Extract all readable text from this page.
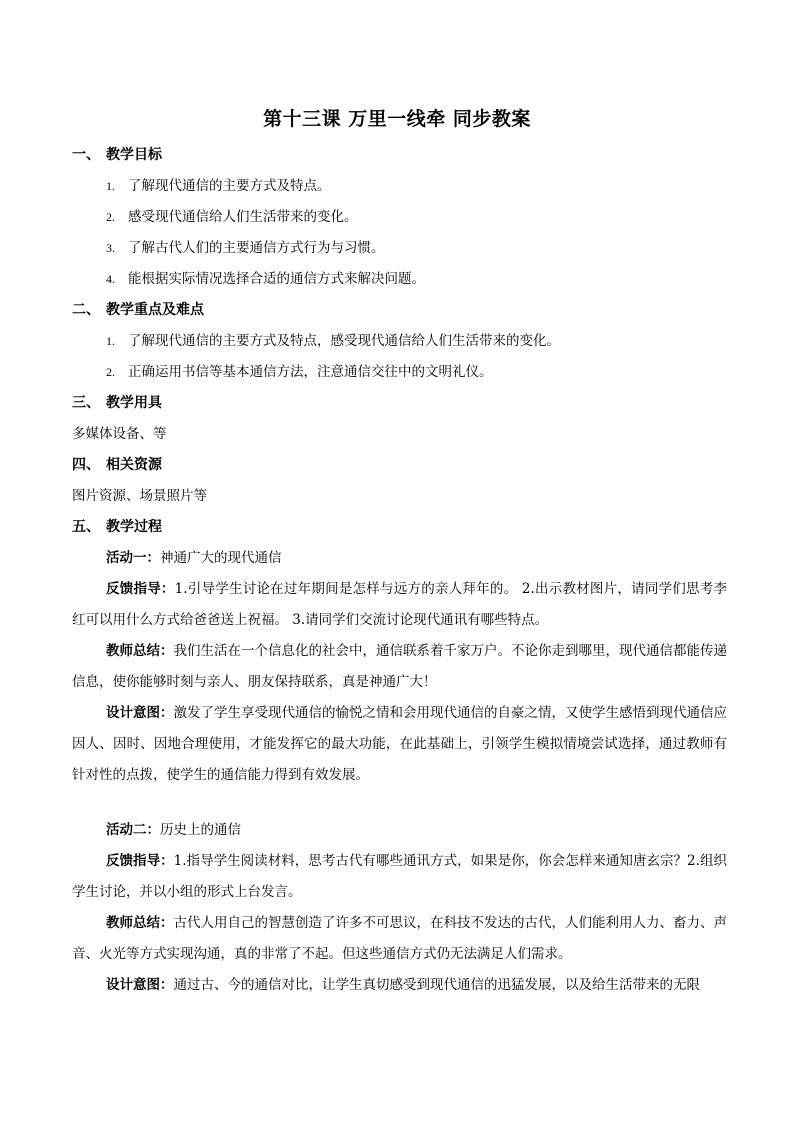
第十三课 万里一线牵 同步教案

一、 教学目标

1. 了解现代通信的主要方式及特点。

2. 感受现代通信给人们生活带来的变化。

3. 了解古代人们的主要通信方式行为与习惯。

4. 能根据实际情况选择合适的通信方式来解决问题。

二、 教学重点及难点

1. 了解现代通信的主要方式及特点，感受现代通信给人们生活带来的变化。

2. 正确运用书信等基本通信方法，注意通信交往中的文明礼仪。

三、 教学用具

多媒体设备、等

四、 相关资源

图片资源、场景照片等

五、 教学过程

活动一：神通广大的现代通信

反馈指导：1.引导学生讨论在过年期间是怎样与远方的亲人拜年的。 2.出示教材图片，请同学们思考李红可以用什么方式给爸爸送上祝福。 3.请同学们交流讨论现代通讯有哪些特点。

教师总结：我们生活在一个信息化的社会中，通信联系着千家万户。不论你走到哪里，现代通信都能传递信息，使你能够时刻与亲人、朋友保持联系，真是神通广大！

设计意图：激发了学生享受现代通信的愉悦之情和会用现代通信的自豪之情，又使学生感悟到现代通信应因人、因时、因地合理使用，才能发挥它的最大功能，在此基础上，引领学生模拟情境尝试选择，通过教师有针对性的点拨，使学生的通信能力得到有效发展。

活动二：历史上的通信

反馈指导：1.指导学生阅读材料，思考古代有哪些通讯方式，如果是你，你会怎样来通知唐玄宗？2.组织学生讨论，并以小组的形式上台发言。

教师总结：古代人用自己的智慧创造了许多不可思议，在科技不发达的古代，人们能利用人力、畜力、声音、火光等方式实现沟通，真的非常了不起。但这些通信方式仍无法满足人们需求。

设计意图：通过古、今的通信对比，让学生真切感受到现代通信的迅猛发展，以及给生活带来的无限
